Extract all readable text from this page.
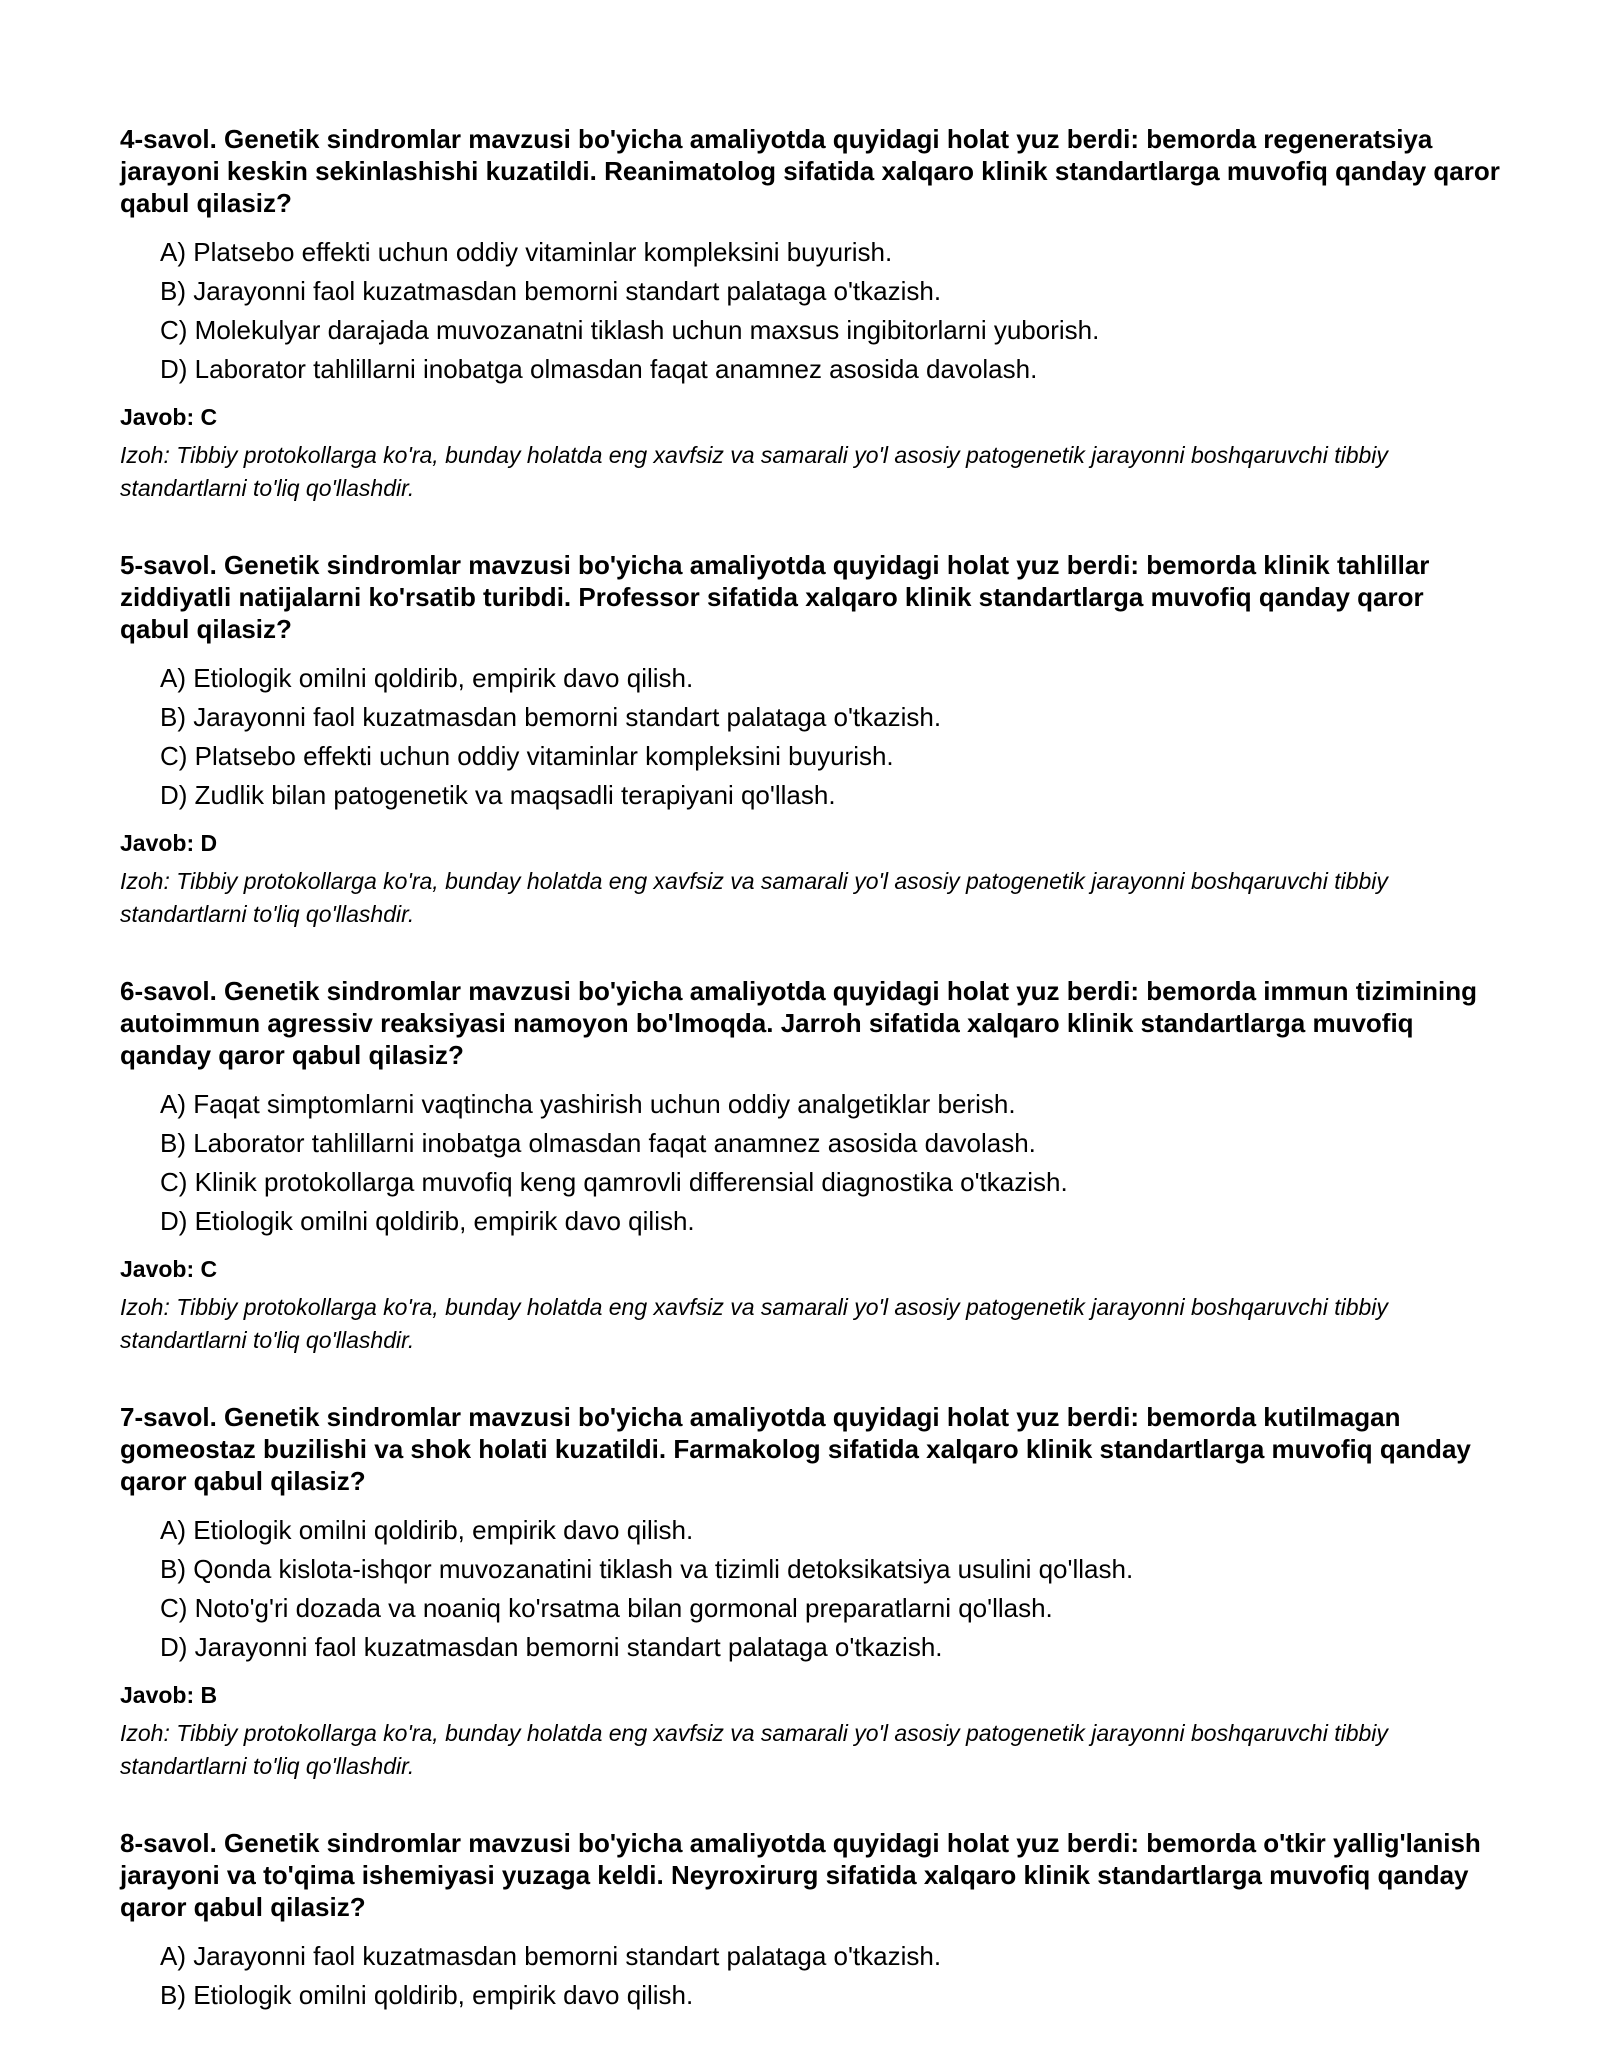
4-savol. Genetik sindromlar mavzusi bo'yicha amaliyotda quyidagi holat yuz berdi: bemorda regeneratsiya jarayoni keskin sekinlashishi kuzatildi. Reanimatolog sifatida xalqaro klinik standartlarga muvofiq qanday qaror qabul qilasiz?

A) Platsebo effekti uchun oddiy vitaminlar kompleksini buyurish.
B) Jarayonni faol kuzatmasdan bemorni standart palataga o'tkazish.
C) Molekulyar darajada muvozanatni tiklash uchun maxsus ingibitorlarni yuborish.
D) Laborator tahlillarni inobatga olmasdan faqat anamnez asosida davolash.

Javob: C

Izoh: Tibbiy protokollarga ko'ra, bunday holatda eng xavfsiz va samarali yo'l asosiy patogenetik jarayonni boshqaruvchi tibbiy standartlarni to'liq qo'llashdir.

5-savol. Genetik sindromlar mavzusi bo'yicha amaliyotda quyidagi holat yuz berdi: bemorda klinik tahlillar ziddiyatli natijalarni ko'rsatib turibdi. Professor sifatida xalqaro klinik standartlarga muvofiq qanday qaror qabul qilasiz?

A) Etiologik omilni qoldirib, empirik davo qilish.
B) Jarayonni faol kuzatmasdan bemorni standart palataga o'tkazish.
C) Platsebo effekti uchun oddiy vitaminlar kompleksini buyurish.
D) Zudlik bilan patogenetik va maqsadli terapiyani qo'llash.

Javob: D

Izoh: Tibbiy protokollarga ko'ra, bunday holatda eng xavfsiz va samarali yo'l asosiy patogenetik jarayonni boshqaruvchi tibbiy standartlarni to'liq qo'llashdir.

6-savol. Genetik sindromlar mavzusi bo'yicha amaliyotda quyidagi holat yuz berdi: bemorda immun tizimining autoimmun agressiv reaksiyasi namoyon bo'lmoqda. Jarroh sifatida xalqaro klinik standartlarga muvofiq qanday qaror qabul qilasiz?

A) Faqat simptomlarni vaqtincha yashirish uchun oddiy analgetiklar berish.
B) Laborator tahlillarni inobatga olmasdan faqat anamnez asosida davolash.
C) Klinik protokollarga muvofiq keng qamrovli differensial diagnostika o'tkazish.
D) Etiologik omilni qoldirib, empirik davo qilish.

Javob: C

Izoh: Tibbiy protokollarga ko'ra, bunday holatda eng xavfsiz va samarali yo'l asosiy patogenetik jarayonni boshqaruvchi tibbiy standartlarni to'liq qo'llashdir.

7-savol. Genetik sindromlar mavzusi bo'yicha amaliyotda quyidagi holat yuz berdi: bemorda kutilmagan gomeostaz buzilishi va shok holati kuzatildi. Farmakolog sifatida xalqaro klinik standartlarga muvofiq qanday qaror qabul qilasiz?

A) Etiologik omilni qoldirib, empirik davo qilish.
B) Qonda kislota-ishqor muvozanatini tiklash va tizimli detoksikatsiya usulini qo'llash.
C) Noto'g'ri dozada va noaniq ko'rsatma bilan gormonal preparatlarni qo'llash.
D) Jarayonni faol kuzatmasdan bemorni standart palataga o'tkazish.

Javob: B

Izoh: Tibbiy protokollarga ko'ra, bunday holatda eng xavfsiz va samarali yo'l asosiy patogenetik jarayonni boshqaruvchi tibbiy standartlarni to'liq qo'llashdir.

8-savol. Genetik sindromlar mavzusi bo'yicha amaliyotda quyidagi holat yuz berdi: bemorda o'tkir yallig'lanish jarayoni va to'qima ishemiyasi yuzaga keldi. Neyroxirurg sifatida xalqaro klinik standartlarga muvofiq qanday qaror qabul qilasiz?

A) Jarayonni faol kuzatmasdan bemorni standart palataga o'tkazish.
B) Etiologik omilni qoldirib, empirik davo qilish.
